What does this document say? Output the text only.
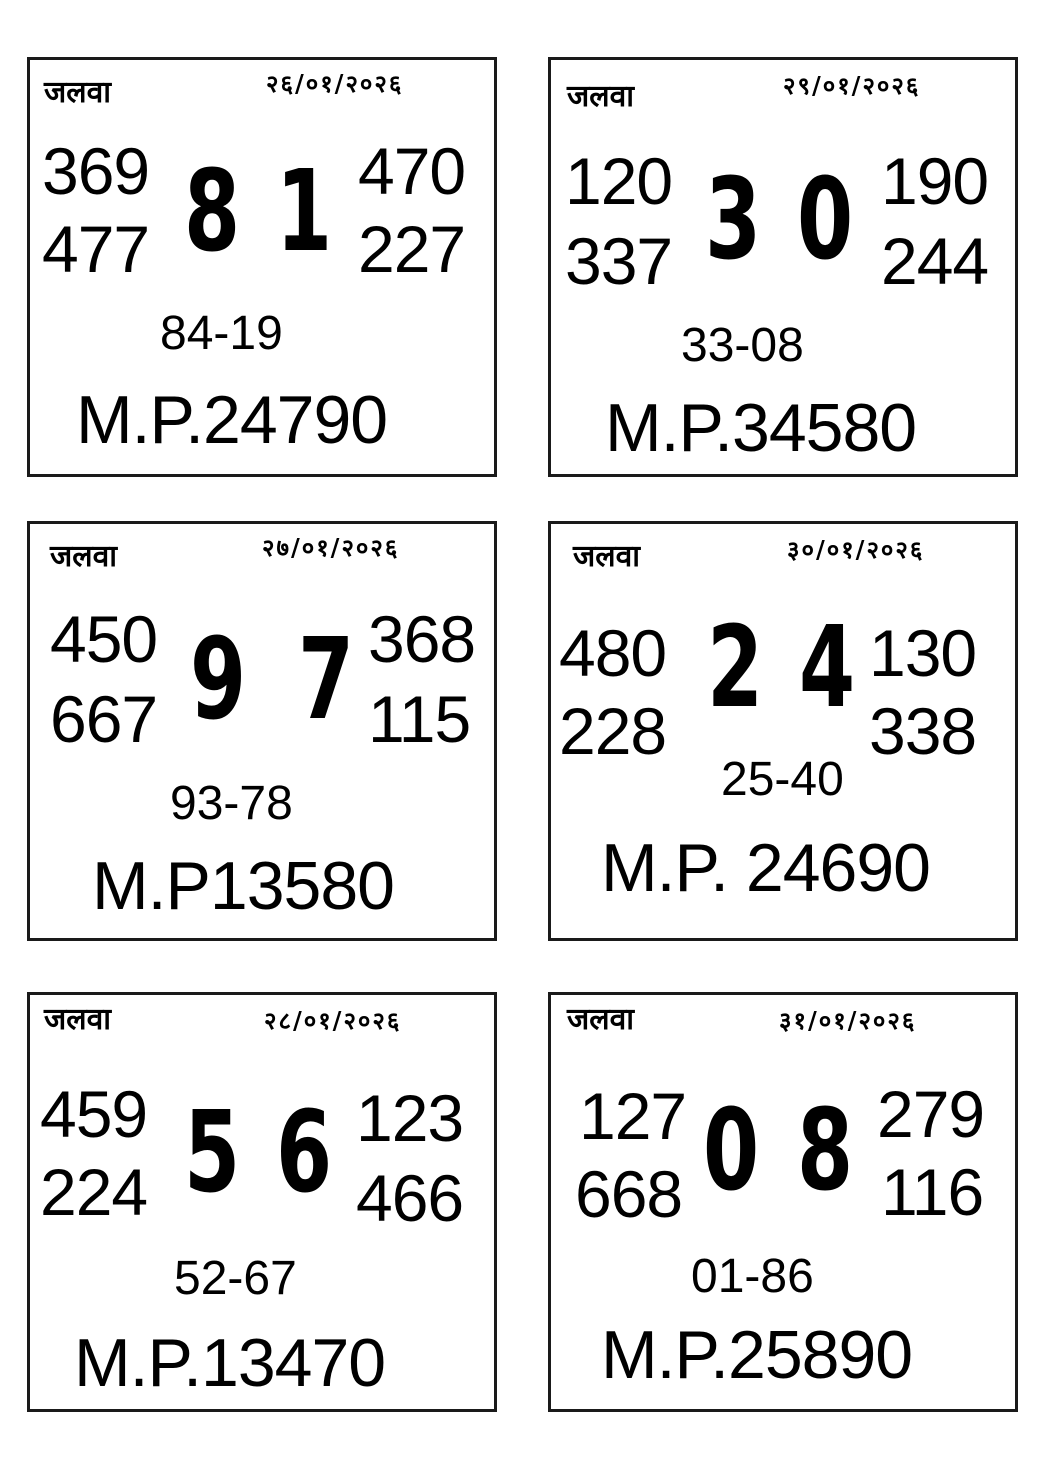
जलवा	२६/०१/२०२६
369
477 8 1 470
227
84-19
M.P.24790
जलवा	२९/०१/२०२६
120
337 3 0 190
244
33-08
M.P.34580
जलवा	२७/०१/२०२६
450
667 9 7 368
115
93-78
M.P13580
जलवा	३०/०१/२०२६
480
228 2 4 130
338
25-40
M.P. 24690
जलवा	२८/०१/२०२६
459
224 5 6 123
466
52-67
M.P.13470
जलवा	३१/०१/२०२६
127
668 0 8 279
116
01-86
M.P.25890
